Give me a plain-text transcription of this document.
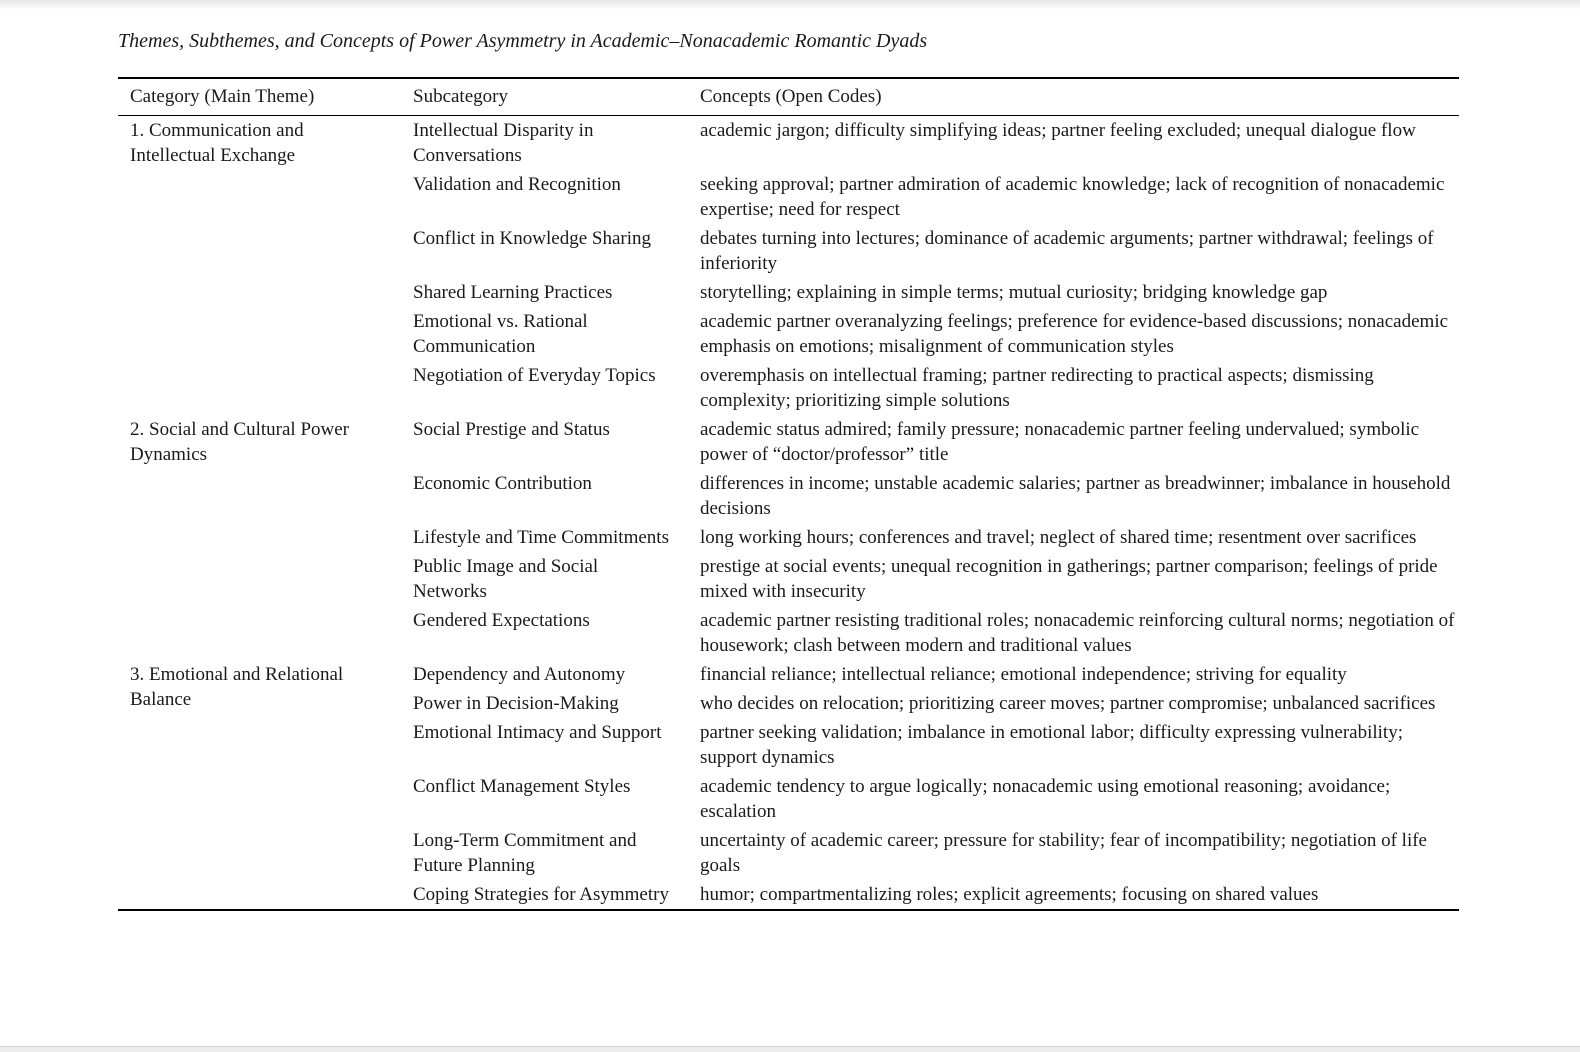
Themes, Subthemes, and Concepts of Power Asymmetry in Academic–Nonacademic Romantic Dyads
Category (Main Theme)	Subcategory	Concepts (Open Codes)
1. Communication and Intellectual Exchange	Intellectual Disparity in Conversations	academic jargon; difficulty simplifying ideas; partner feeling excluded; unequal dialogue flow
	Validation and Recognition	seeking approval; partner admiration of academic knowledge; lack of recognition of nonacademic expertise; need for respect
	Conflict in Knowledge Sharing	debates turning into lectures; dominance of academic arguments; partner withdrawal; feelings of inferiority
	Shared Learning Practices	storytelling; explaining in simple terms; mutual curiosity; bridging knowledge gap
	Emotional vs. Rational Communication	academic partner overanalyzing feelings; preference for evidence-based discussions; nonacademic emphasis on emotions; misalignment of communication styles
	Negotiation of Everyday Topics	overemphasis on intellectual framing; partner redirecting to practical aspects; dismissing complexity; prioritizing simple solutions
2. Social and Cultural Power Dynamics	Social Prestige and Status	academic status admired; family pressure; nonacademic partner feeling undervalued; symbolic power of “doctor/professor” title
	Economic Contribution	differences in income; unstable academic salaries; partner as breadwinner; imbalance in household decisions
	Lifestyle and Time Commitments	long working hours; conferences and travel; neglect of shared time; resentment over sacrifices
	Public Image and Social Networks	prestige at social events; unequal recognition in gatherings; partner comparison; feelings of pride mixed with insecurity
	Gendered Expectations	academic partner resisting traditional roles; nonacademic reinforcing cultural norms; negotiation of housework; clash between modern and traditional values
3. Emotional and Relational Balance	Dependency and Autonomy	financial reliance; intellectual reliance; emotional independence; striving for equality
	Power in Decision-Making	who decides on relocation; prioritizing career moves; partner compromise; unbalanced sacrifices
	Emotional Intimacy and Support	partner seeking validation; imbalance in emotional labor; difficulty expressing vulnerability; support dynamics
	Conflict Management Styles	academic tendency to argue logically; nonacademic using emotional reasoning; avoidance; escalation
	Long-Term Commitment and Future Planning	uncertainty of academic career; pressure for stability; fear of incompatibility; negotiation of life goals
	Coping Strategies for Asymmetry	humor; compartmentalizing roles; explicit agreements; focusing on shared values
